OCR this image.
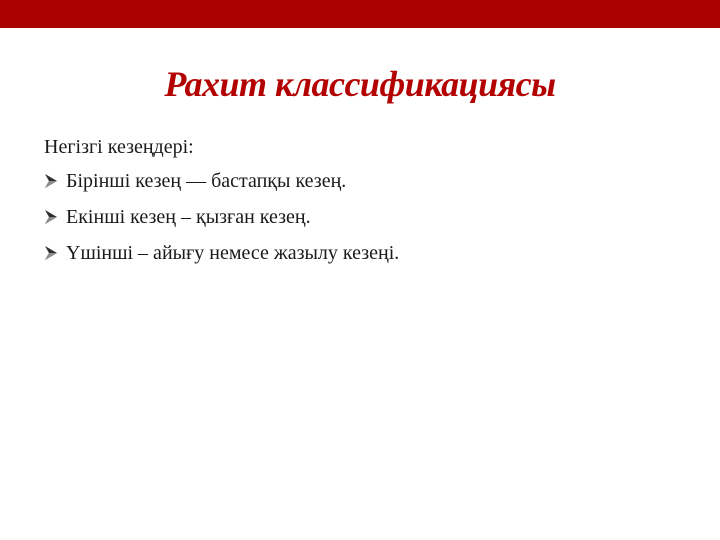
Рахит классификациясы
Негізгі кезеңдері:
Бірінші кезең — бастапқы кезең.
Екінші кезең – қызған кезең.
Үшінші – айығу немесе жазылу кезеңі.
